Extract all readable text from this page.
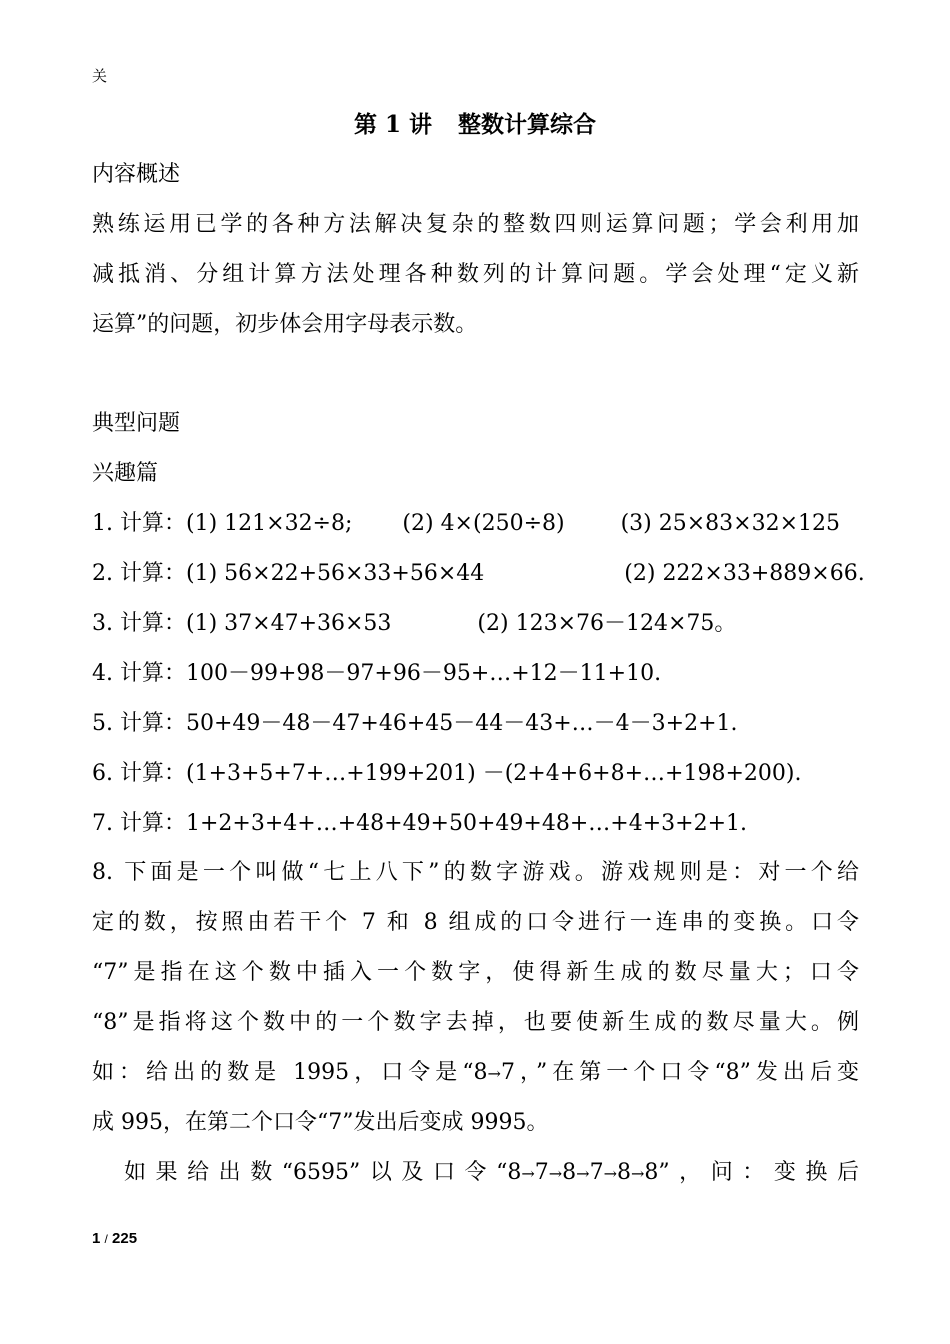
关
第 1 讲 整数计算综合
内容概述
熟练运用已学的各种方法解决复杂的整数四则运算问题；学会利用加
减抵消、分组计算方法处理各种数列的计算问题。学会处理“定义新
运算”的问题，初步体会用字母表示数。
典型问题
兴趣篇
1. 计算：(1) 121×32÷8; (2) 4×(250÷8)	(3) 25×83×32×125
2. 计算：(1) 56×22+56×33+56×44	(2) 222×33+889×66.
3. 计算：(1) 37×47+36×53	(2) 123×76－124×75。
4. 计算：100－99+98－97+96－95+…+12－11+10.
5. 计算：50+49－48－47+46+45－44－43+…－4－3+2+1.
6. 计算：(1+3+5+7+…+199+201) －(2+4+6+8+…+198+200).
7. 计算：1+2+3+4+…+48+49+50+49+48+…+4+3+2+1.
8. 下面是一个叫做“七上八下”的数字游戏。游戏规则是：对一个给
定的数，按照由若干个 7 和 8 组成的口令进行一连串的变换。口令
“7”是指在这个数中插入一个数字，使得新生成的数尽量大；口令
“8”是指将这个数中的一个数字去掉，也要使新生成的数尽量大。例
如：给出的数是 1995，口令是“8→7，”在第一个口令“8”发出后变
成 995，在第二个口令“7”发出后变成 9995。
如果给出数“6595”以及口令“8→7→8→7→8→8”，问：变换后
1 / 225
